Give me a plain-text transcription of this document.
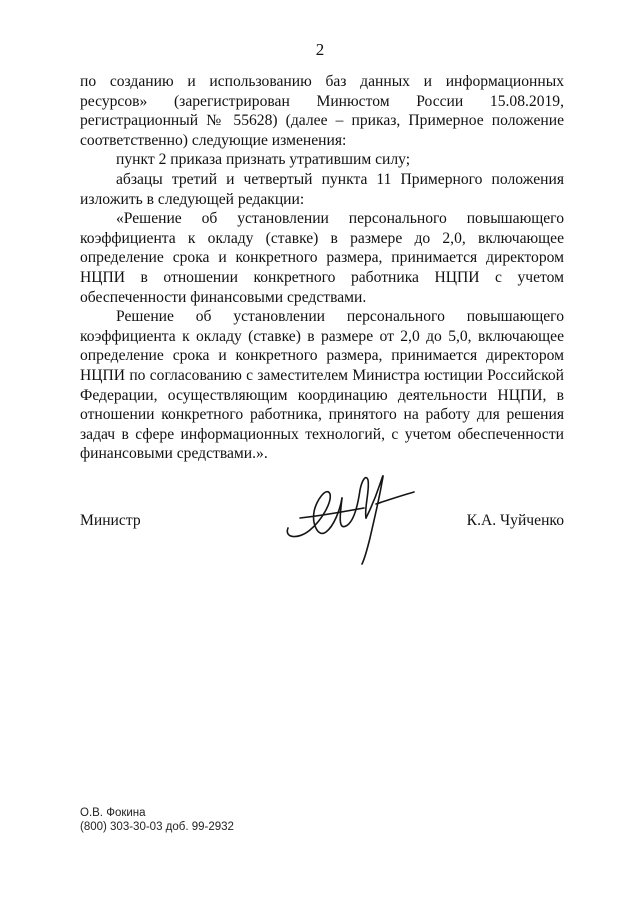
2

по созданию и использованию баз данных и информационных ресурсов» (зарегистрирован Минюстом России 15.08.2019, регистрационный № 55628) (далее – приказ, Примерное положение соответственно) следующие изменения:

пункт 2 приказа признать утратившим силу;

абзацы третий и четвертый пункта 11 Примерного положения изложить в следующей редакции:

«Решение об установлении персонального повышающего коэффициента к окладу (ставке) в размере до 2,0, включающее определение срока и конкретного размера, принимается директором НЦПИ в отношении конкретного работника НЦПИ с учетом обеспеченности финансовыми средствами.

Решение об установлении персонального повышающего коэффициента к окладу (ставке) в размере от 2,0 до 5,0, включающее определение срока и конкретного размера, принимается директором НЦПИ по согласованию с заместителем Министра юстиции Российской Федерации, осуществляющим координацию деятельности НЦПИ, в отношении конкретного работника, принятого на работу для решения задач в сфере информационных технологий, с учетом обеспеченности финансовыми средствами.».

Министр	К.А. Чуйченко
О.В. Фокина
(800) 303-30-03 доб. 99-2932
